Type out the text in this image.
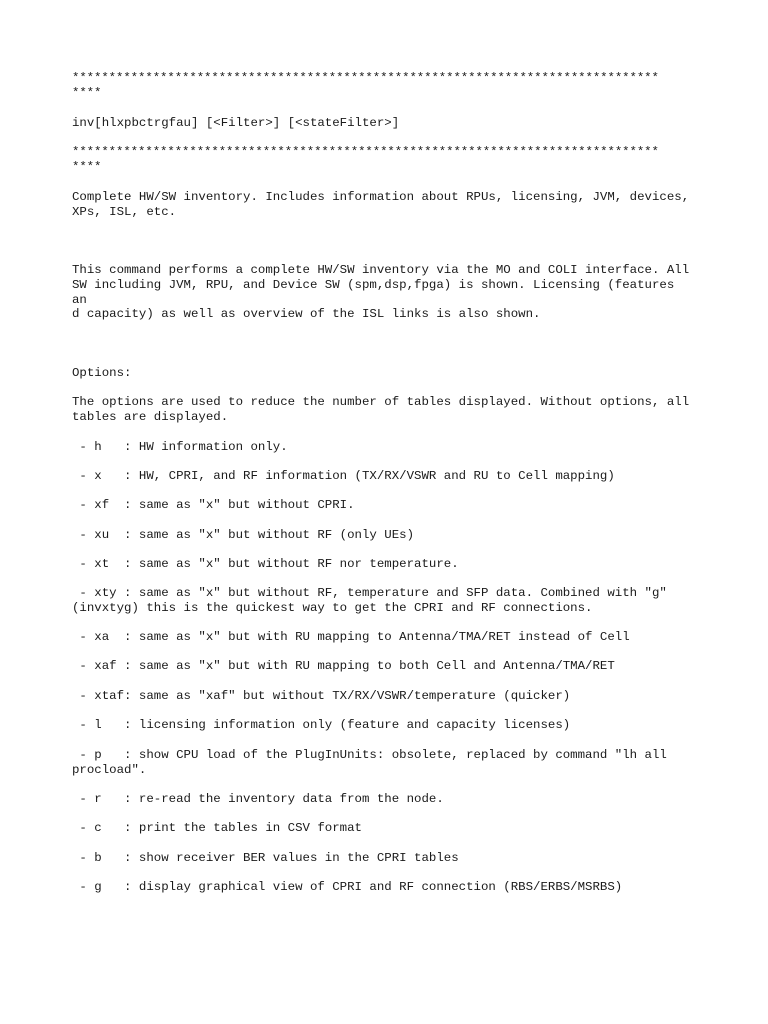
********************************************************************************
****
inv[hlxpbctrgfau] [<Filter>] [<stateFilter>]
********************************************************************************
****
Complete HW/SW inventory. Includes information about RPUs, licensing, JVM, devices,
XPs, ISL, etc.
This command performs a complete HW/SW inventory via the MO and COLI interface. All
SW including JVM, RPU, and Device SW (spm,dsp,fpga) is shown. Licensing (features
an
d capacity) as well as overview of the ISL links is also shown.
Options:
The options are used to reduce the number of tables displayed. Without options, all
tables are displayed.
- h   : HW information only.
- x   : HW, CPRI, and RF information (TX/RX/VSWR and RU to Cell mapping)
- xf  : same as "x" but without CPRI.
- xu  : same as "x" but without RF (only UEs)
- xt  : same as "x" but without RF nor temperature.
- xty : same as "x" but without RF, temperature and SFP data. Combined with "g"
(invxtyg) this is the quickest way to get the CPRI and RF connections.
- xa  : same as "x" but with RU mapping to Antenna/TMA/RET instead of Cell
- xaf : same as "x" but with RU mapping to both Cell and Antenna/TMA/RET
- xtaf: same as "xaf" but without TX/RX/VSWR/temperature (quicker)
- l   : licensing information only (feature and capacity licenses)
- p   : show CPU load of the PlugInUnits: obsolete, replaced by command "lh all
procload".
- r   : re-read the inventory data from the node.
- c   : print the tables in CSV format
- b   : show receiver BER values in the CPRI tables
- g   : display graphical view of CPRI and RF connection (RBS/ERBS/MSRBS)
